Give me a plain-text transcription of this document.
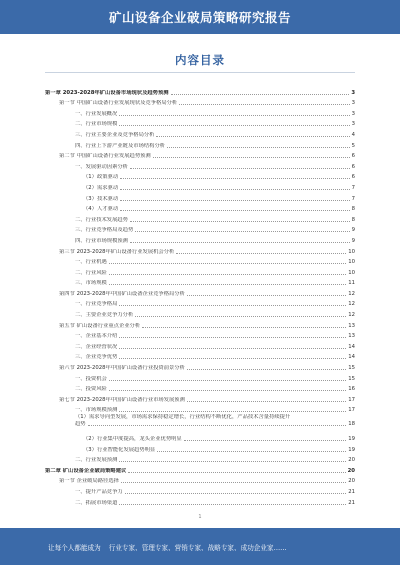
矿山设备企业破局策略研究报告
内容目录
第一章 2023-2028年矿山设备市场现状及趋势预测	3
第一节 中国矿山设备行业发展现状及竞争格局分析	3
一、行业发展概况	3
二、行业市场规模	3
三、行业主要企业及竞争格局分析	4
四、行业上下游产业链及市场结构分析	5
第二节 中国矿山设备行业发展趋势预测	6
一、发展驱动因素分析	6
（1）政策驱动	6
（2）需求驱动	7
（3）技术驱动	7
（4）人才驱动	8
二、行业技术发展趋势	8
三、行业竞争格局及趋势	9
四、行业市场规模预测	9
第三节 2023-2028年矿山设备行业发展机会分析	10
一、行业机遇	10
二、行业风险	10
三、市场规模	11
第四节 2023-2028年中国矿山设备企业竞争格局分析	12
一、行业竞争格局	12
二、主要企业竞争力分析	12
第五节 矿山设备行业重点企业分析	13
一、企业基本介绍	13
二、企业经营状况	14
三、企业竞争优势	14
第六节 2023-2028年中国矿山设备行业投资前景分析	15
一、投资机会	15
二、投资风险	16
第七节 2023-2028年中国矿山设备行业市场发展预测	17
一、市场规模预测	17
（1）需求导向型发展，市场需求保持稳定增长，行业结构不断优化，产品技术含量持续提升
趋势	18
（2）行业集中度提高，龙头企业优势明显	19
（3）行业智能化发展趋势明显	19
二、行业发展预测	20
第二章 矿山设备企业破局策略建议	20
第一节 企业破局路径选择	20
一、提升产品竞争力	21
二、拓展市场渠道	21
1
让每个人都能成为 行业专家、管理专家、营销专家、战略专家、成功企业家……
